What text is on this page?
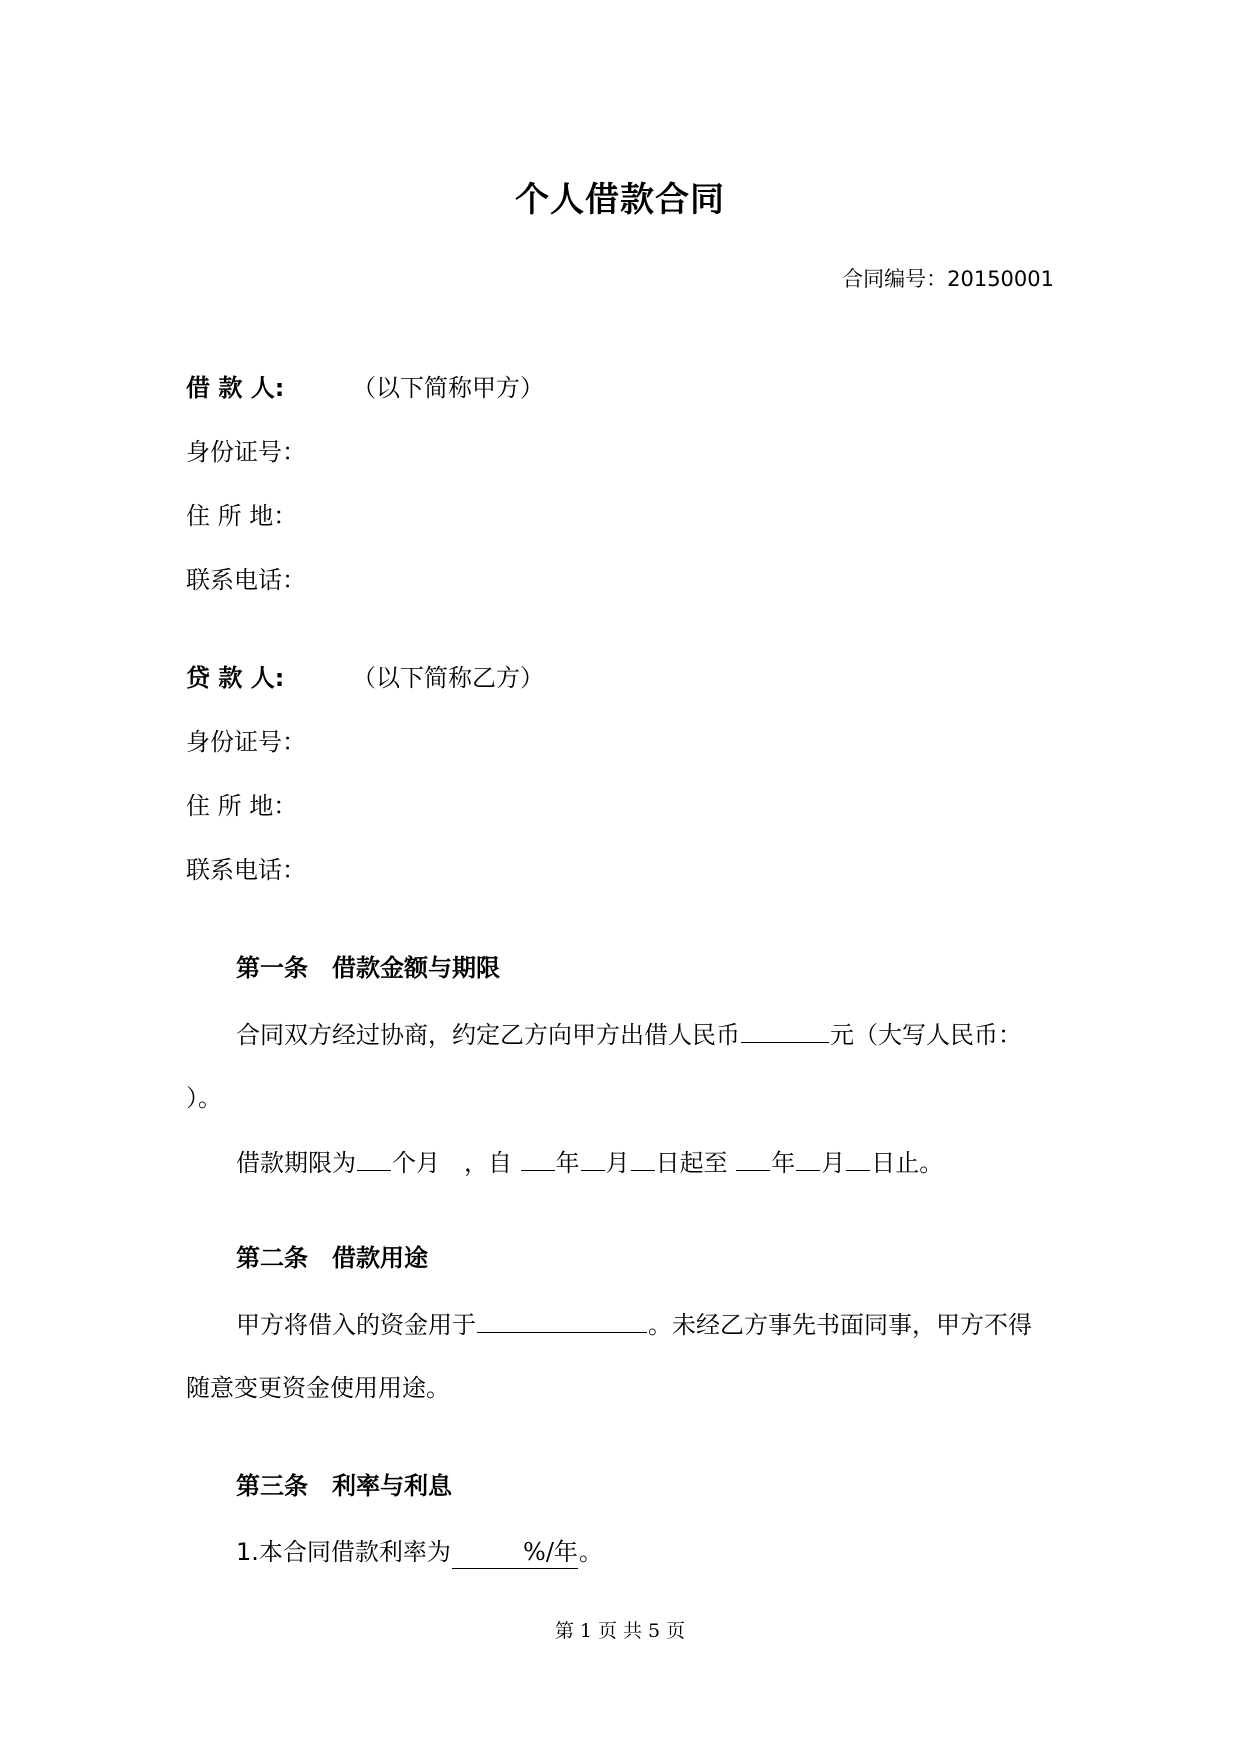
个人借款合同
合同编号：20150001
借 款 人:	（以下简称甲方）
身份证号：
住 所 地：
联系电话：
贷 款 人:	（以下简称乙方）
身份证号：
住 所 地：
联系电话：
第一条　借款金额与期限
合同双方经过协商，约定乙方向甲方出借人民币	元（大写人民币：
）。
借款期限为 个月　，自 年 月 日起至 年 月 日止。
第二条　借款用途
甲方将借入的资金用于	。未经乙方事先书面同事，甲方不得
随意变更资金使用用途。
第三条　利率与利息
1.本合同借款利率为	%/年。
第 1 页 共 5 页
